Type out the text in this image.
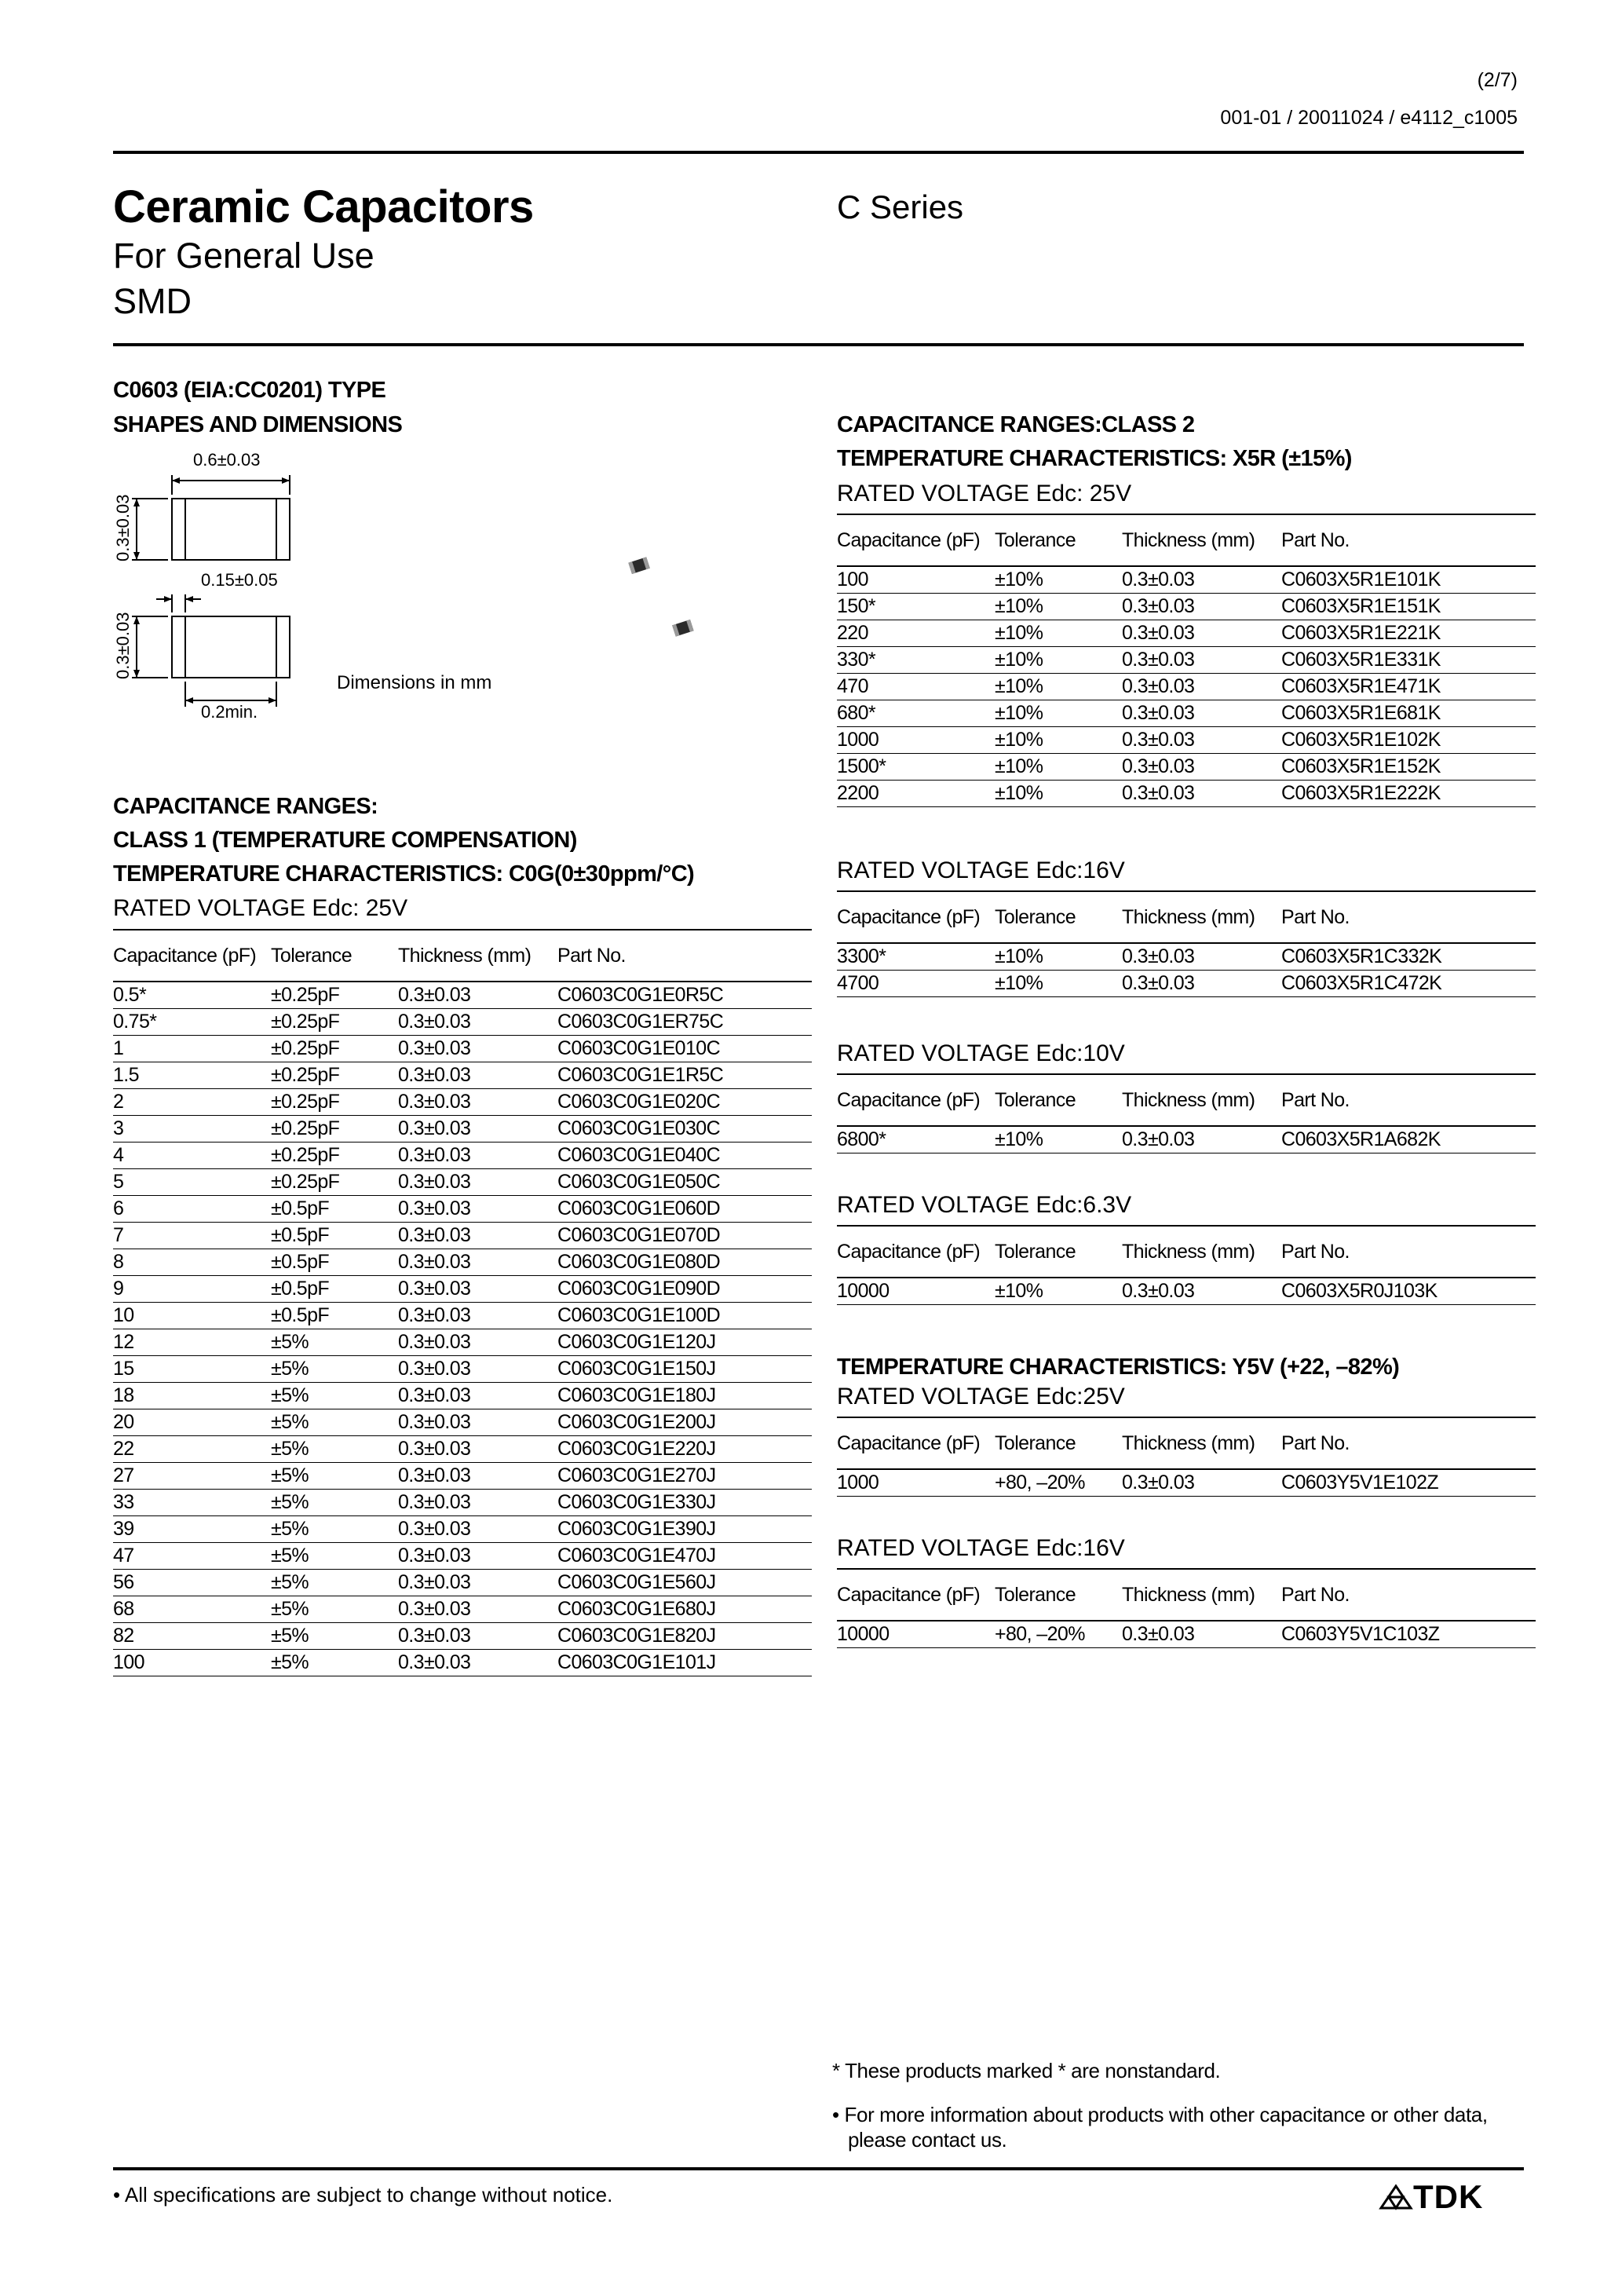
(2/7)
001-01 / 20011024 / e4112_c1005
Ceramic Capacitors
For General Use
SMD
C Series
C0603 (EIA:CC0201) TYPE
SHAPES AND DIMENSIONS
0.6±0.03
0.15±0.05
0.2min.
0.3±0.03
0.3±0.03
Dimensions in mm
CAPACITANCE RANGES:
CLASS 1 (TEMPERATURE COMPENSATION)
TEMPERATURE CHARACTERISTICS: C0G(0±30ppm/°C)
RATED VOLTAGE Edc: 25V
Capacitance (pF)	Tolerance	Thickness (mm)	Part No.
0.5*	±0.25pF	0.3±0.03	C0603C0G1E0R5C
0.75*	±0.25pF	0.3±0.03	C0603C0G1ER75C
1	±0.25pF	0.3±0.03	C0603C0G1E010C
1.5	±0.25pF	0.3±0.03	C0603C0G1E1R5C
2	±0.25pF	0.3±0.03	C0603C0G1E020C
3	±0.25pF	0.3±0.03	C0603C0G1E030C
4	±0.25pF	0.3±0.03	C0603C0G1E040C
5	±0.25pF	0.3±0.03	C0603C0G1E050C
6	±0.5pF	0.3±0.03	C0603C0G1E060D
7	±0.5pF	0.3±0.03	C0603C0G1E070D
8	±0.5pF	0.3±0.03	C0603C0G1E080D
9	±0.5pF	0.3±0.03	C0603C0G1E090D
10	±0.5pF	0.3±0.03	C0603C0G1E100D
12	±5%	0.3±0.03	C0603C0G1E120J
15	±5%	0.3±0.03	C0603C0G1E150J
18	±5%	0.3±0.03	C0603C0G1E180J
20	±5%	0.3±0.03	C0603C0G1E200J
22	±5%	0.3±0.03	C0603C0G1E220J
27	±5%	0.3±0.03	C0603C0G1E270J
33	±5%	0.3±0.03	C0603C0G1E330J
39	±5%	0.3±0.03	C0603C0G1E390J
47	±5%	0.3±0.03	C0603C0G1E470J
56	±5%	0.3±0.03	C0603C0G1E560J
68	±5%	0.3±0.03	C0603C0G1E680J
82	±5%	0.3±0.03	C0603C0G1E820J
100	±5%	0.3±0.03	C0603C0G1E101J
CAPACITANCE RANGES:CLASS 2
TEMPERATURE CHARACTERISTICS: X5R (±15%)
RATED VOLTAGE Edc: 25V
Capacitance (pF)	Tolerance	Thickness (mm)	Part No.
100	±10%	0.3±0.03	C0603X5R1E101K
150*	±10%	0.3±0.03	C0603X5R1E151K
220	±10%	0.3±0.03	C0603X5R1E221K
330*	±10%	0.3±0.03	C0603X5R1E331K
470	±10%	0.3±0.03	C0603X5R1E471K
680*	±10%	0.3±0.03	C0603X5R1E681K
1000	±10%	0.3±0.03	C0603X5R1E102K
1500*	±10%	0.3±0.03	C0603X5R1E152K
2200	±10%	0.3±0.03	C0603X5R1E222K
RATED VOLTAGE Edc:16V
Capacitance (pF)	Tolerance	Thickness (mm)	Part No.
3300*	±10%	0.3±0.03	C0603X5R1C332K
4700	±10%	0.3±0.03	C0603X5R1C472K
RATED VOLTAGE Edc:10V
Capacitance (pF)	Tolerance	Thickness (mm)	Part No.
6800*	±10%	0.3±0.03	C0603X5R1A682K
RATED VOLTAGE Edc:6.3V
Capacitance (pF)	Tolerance	Thickness (mm)	Part No.
10000	±10%	0.3±0.03	C0603X5R0J103K
RATED VOLTAGE Edc:25V
Capacitance (pF)	Tolerance	Thickness (mm)	Part No.
1000	+80, –20%	0.3±0.03	C0603Y5V1E102Z
RATED VOLTAGE Edc:16V
Capacitance (pF)	Tolerance	Thickness (mm)	Part No.
10000	+80, –20%	0.3±0.03	C0603Y5V1C103Z
TEMPERATURE CHARACTERISTICS: Y5V (+22, –82%)
* These products marked * are nonstandard.
• For more information about products with other capacitance or other data,
please contact us.
• All specifications are subject to change without notice.	TDK
